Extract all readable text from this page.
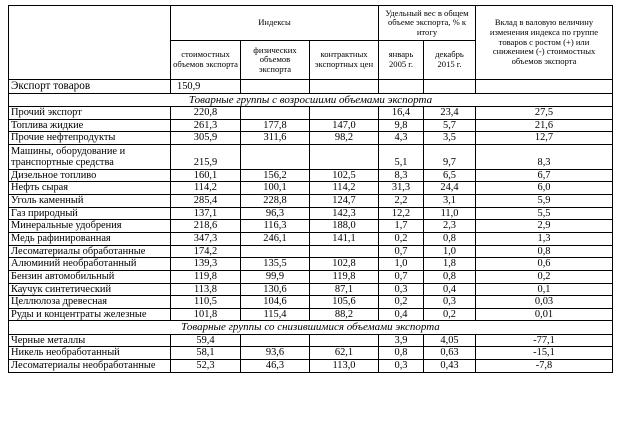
	Индексы			Удельный вес в общем объеме экспорта, % к итогу		Вклад в валовую величину изменения индекса по группе товаров с ростом (+) или снижением (-) стоимостных объемов экспорта
	стоимостных объемов экспорта	физических объемов экспорта	контрактных экспортных цен	январь 2005 г.	декабрь 2015 г.	
Экспорт товаров	150,9					
Товарные группы с возросшими объемами экспорта						
Прочий экспорт	220,8			16,4	23,4	27,5
Топлива жидкие	261,3	177,8	147,0	9,8	5,7	21,6
Прочие нефтепродукты	305,9	311,6	98,2	4,3	3,5	12,7
Машины, оборудование и транспортные средства	215,9			5,1	9,7	8,3
Дизельное топливо	160,1	156,2	102,5	8,3	6,5	6,7
Нефть сырая	114,2	100,1	114,2	31,3	24,4	6,0
Уголь каменный	285,4	228,8	124,7	2,2	3,1	5,9
Газ природный	137,1	96,3	142,3	12,2	11,0	5,5
Минеральные удобрения	218,6	116,3	188,0	1,7	2,3	2,9
Медь рафинированная	347,3	246,1	141,1	0,2	0,8	1,3
Лесоматериалы обработанные	174,2			0,7	1,0	0,8
Алюминий необработанный	139,3	135,5	102,8	1,0	1,8	0,6
Бензин автомобильный	119,8	99,9	119,8	0,7	0,8	0,2
Каучук синтетический	113,8	130,6	87,1	0,3	0,4	0,1
Целлюлоза древесная	110,5	104,6	105,6	0,2	0,3	0,03
Руды и концентраты железные	101,8	115,4	88,2	0,4	0,2	0,01
Товарные группы со снизившимися объемами экспорта						
Черные металлы	59,4			3,9	4,05	-77,1
Никель необработанный	58,1	93,6	62,1	0,8	0,63	-15,1
Лесоматериалы необработанные	52,3	46,3	113,0	0,3	0,43	-7,8
